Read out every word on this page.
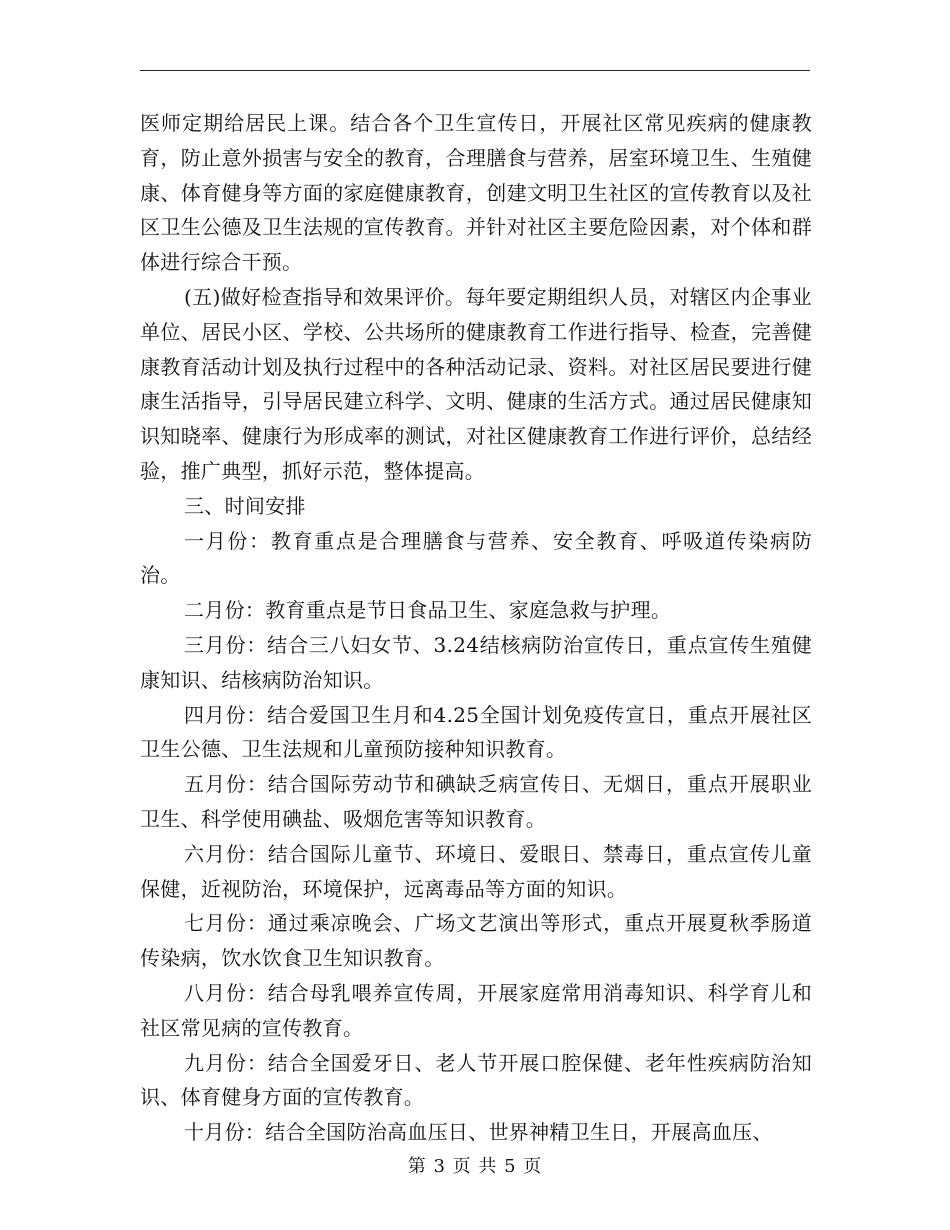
医师定期给居民上课。结合各个卫生宣传日，开展社区常见疾病的健康教育，防止意外损害与安全的教育，合理膳食与营养，居室环境卫生、生殖健康、体育健身等方面的家庭健康教育，创建文明卫生社区的宣传教育以及社区卫生公德及卫生法规的宣传教育。并针对社区主要危险因素，对个体和群体进行综合干预。

(五)做好检查指导和效果评价。每年要定期组织人员，对辖区内企事业单位、居民小区、学校、公共场所的健康教育工作进行指导、检查，完善健康教育活动计划及执行过程中的各种活动记录、资料。对社区居民要进行健康生活指导，引导居民建立科学、文明、健康的生活方式。通过居民健康知识知晓率、健康行为形成率的测试，对社区健康教育工作进行评价，总结经验，推广典型，抓好示范，整体提高。

三、时间安排

一月份：教育重点是合理膳食与营养、安全教育、呼吸道传染病防治。

二月份：教育重点是节日食品卫生、家庭急救与护理。

三月份：结合三八妇女节、3.24结核病防治宣传日，重点宣传生殖健康知识、结核病防治知识。

四月份：结合爱国卫生月和4.25全国计划免疫传宣日，重点开展社区卫生公德、卫生法规和儿童预防接种知识教育。

五月份：结合国际劳动节和碘缺乏病宣传日、无烟日，重点开展职业卫生、科学使用碘盐、吸烟危害等知识教育。

六月份：结合国际儿童节、环境日、爱眼日、禁毒日，重点宣传儿童保健，近视防治，环境保护，远离毒品等方面的知识。

七月份：通过乘凉晚会、广场文艺演出等形式，重点开展夏秋季肠道传染病，饮水饮食卫生知识教育。

八月份：结合母乳喂养宣传周，开展家庭常用消毒知识、科学育儿和社区常见病的宣传教育。

九月份：结合全国爱牙日、老人节开展口腔保健、老年性疾病防治知识、体育健身方面的宣传教育。

十月份：结合全国防治高血压日、世界神精卫生日，开展高血压、

第 3 页 共 5 页
